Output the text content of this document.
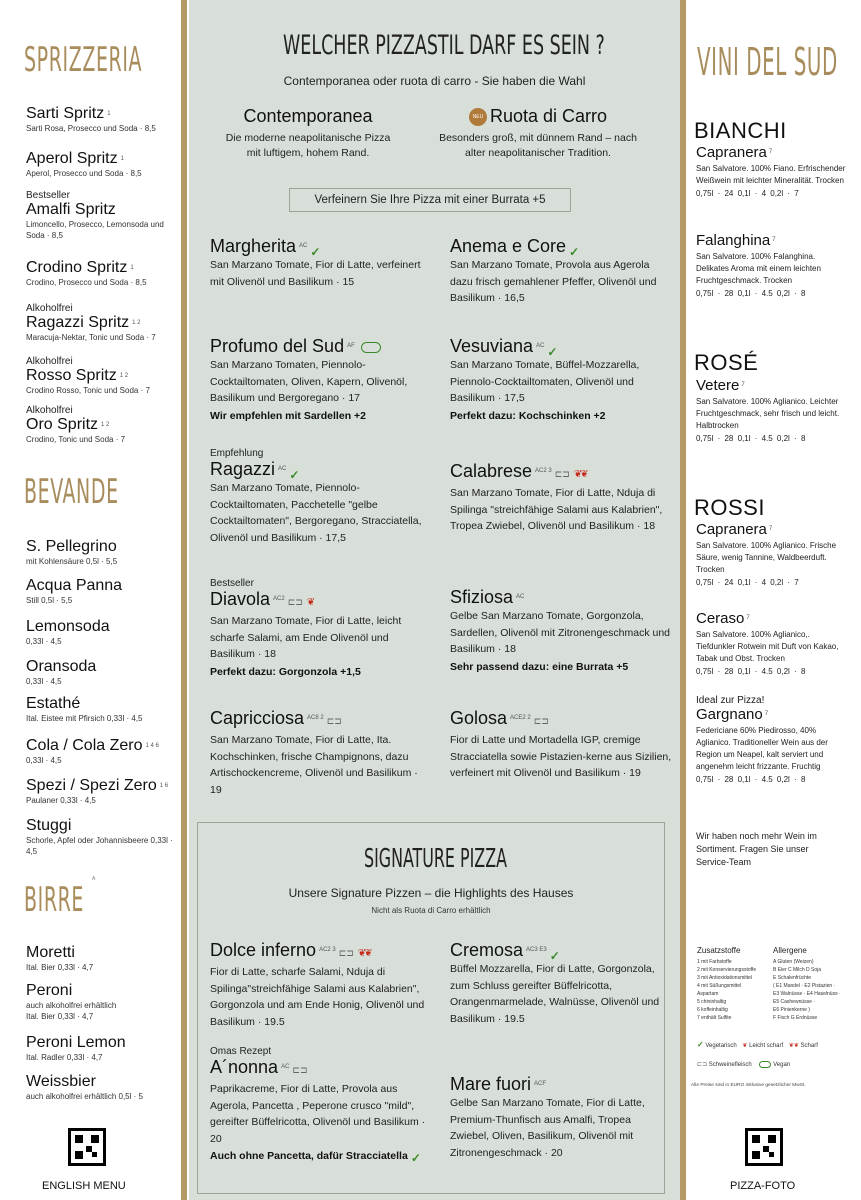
SPRIZZERIA
Sarti Spritz $^1$
Sarti Rosa, Prosecco und Soda · 8,5
Aperol Spritz $^1$
Aperol, Prosecco und Soda · 8,5
Bestseller
Amalfi Spritz
Limoncello, Prosecco, Lemonsoda und Soda · 8,5
Crodino Spritz $^1$
Crodino, Prosecco und Soda · 8,5
Alkoholfrei
Ragazzi Spritz $^{1 2}$
Maracuja-Nektar, Tonic und Soda · 7
Alkoholfrei
Rosso Spritz $^{1 2}$
Crodino Rosso, Tonic und Soda · 7
Alkoholfrei
Oro Spritz $^{1 2}$
Crodino, Tonic und Soda · 7
BEVANDE
S. Pellegrino
mit Kohlensäure 0,5l · 5,5
Acqua Panna
Still 0,5l · 5,5
Lemonsoda
0,33l · 4,5
Oransoda
0,33l · 4,5
Estathé
Ital. Eistee mit Pfirsich 0,33l · 4,5
Cola / Cola Zero $^{1 4 6}$
0,33l · 4,5
Spezi / Spezi Zero $^{1 6}$
Paulaner 0,33l · 4,5
Stuggi
Schorle, Apfel oder Johannisbeere 0,33l · 4,5
BIRRE
A
Moretti
Ital. Bier 0,33l · 4,7
Peroni
auch alkoholfrei erhältlich
Ital. Bier 0,33l · 4,7
Peroni Lemon
Ital. Radler 0,33l · 4,7
Weissbier
auch alkoholfrei erhältlich 0,5l · 5
ENGLISH MENU
WELCHER PIZZASTIL DARF ES SEIN ?
Contemporanea oder ruota di carro - Sie haben die Wahl
Contemporanea
Die moderne neapolitanische Pizza mit luftigem, hohem Rand.
NEU Ruota di Carro
Besonders groß, mit dünnem Rand – nach alter neapolitanischer Tradition.
Verfeinern Sie Ihre Pizza mit einer Burrata +5
Margherita $^{AC}$ ✓
San Marzano Tomate, Fior di Latte, verfeinert mit Olivenöl und Basilikum · 15
Anema e Core ✓
San Marzano Tomate, Provola aus Agerola dazu frisch gemahlener Pfeffer, Olivenöl und Basilikum · 16,5
Profumo del Sud $^{AF}$
San Marzano Tomaten, Piennolo-Cocktailtomaten, Oliven, Kapern, Olivenöl, Basilikum und Bergoregano · 17
Wir empfehlen mit Sardellen +2
Vesuviana $^{AC}$ ✓
San Marzano Tomate, Büffel-Mozzarella, Piennolo-Cocktailtomaten, Olivenöl und Basilikum · 17,5
Perfekt dazu: Kochschinken +2
Empfehlung
Ragazzi $^{AC}$ ✓
San Marzano Tomate, Piennolo-Cocktailtomaten, Pacchetelle "gelbe Cocktailtomaten", Bergoregano, Stracciatella, Olivenöl und Basilikum · 17,5
Calabrese $^{AC2 3}$ ⊏⊐ ❦❦
San Marzano Tomate, Fior di Latte, Nduja di Spilinga "streichfähige Salami aus Kalabrien", Tropea Zwiebel, Olivenöl und Basilikum · 18
Bestseller
Diavola $^{AC2}$ ⊏⊐ ❦
San Marzano Tomate, Fior di Latte, leicht scharfe Salami, am Ende Olivenöl und Basilikum · 18
Perfekt dazu: Gorgonzola +1,5
Sfiziosa $^{AC}$
Gelbe San Marzano Tomate, Gorgonzola, Sardellen, Olivenöl mit Zitronengeschmack und Basilikum · 18
Sehr passend dazu: eine Burrata +5
Capricciosa $^{AC8 2}$ ⊏⊐
San Marzano Tomate, Fior di Latte, Ita. Kochschinken, frische Champignons, dazu Artischockencreme, Olivenöl und Basilikum · 19
Golosa $^{ACE2 2}$ ⊏⊐
Fior di Latte und Mortadella IGP, cremige Stracciatella sowie Pistazien-kerne aus Sizilien, verfeinert mit Olivenöl und Basilikum · 19
SIGNATURE PIZZA
Unsere Signature Pizzen – die Highlights des Hauses
Nicht als Ruota di Carro erhältlich
Dolce inferno $^{AC2 3}$ ⊏⊐ ❦❦
Fior di Latte, scharfe Salami, Nduja di Spilinga"streichfähige Salami aus Kalabrien", Gorgonzola und am Ende Honig, Olivenöl und Basilikum · 19.5
Cremosa $^{AC3 E3}$ ✓
Büffel Mozzarella, Fior di Latte, Gorgonzola, zum Schluss gereifter Büffelricotta, Orangenmarmelade, Walnüsse, Olivenöl und Basilikum · 19.5
Omas Rezept
A´nonna $^{AC}$ ⊏⊐
Paprikacreme, Fior di Latte, Provola aus Agerola, Pancetta , Peperone crusco "mild", gereifter Büffelricotta, Olivenöl und Basilikum · 20
Auch ohne Pancetta, dafür Stracciatella ✓
Mare fuori $^{ACF}$
Gelbe San Marzano Tomate, Fior di Latte, Premium-Thunfisch aus Amalfi, Tropea Zwiebel, Oliven, Basilikum, Olivenöl mit Zitronengeschmack · 20
VINI DEL SUD
BIANCHI
ROSÉ
ROSSI
Capranera $^7$
San Salvatore. 100% Fiano. Erfrischender Weißwein mit leichter Mineralität. Trocken
0,75l · 24 0,1l · 4 0,2l · 7
Falanghina $^7$
San Salvatore. 100% Falanghina. Delikates Aroma mit einem leichten Fruchtgeschmack. Trocken
0,75l · 28 0,1l · 4.5 0,2l · 8
Vetere $^7$
San Salvatore. 100% Aglianico. Leichter Fruchtgeschmack, sehr frisch und leicht. Halbtrocken
0,75l · 28 0,1l · 4.5 0,2l · 8
Capranera $^7$
San Salvatore. 100% Aglianico. Frische Säure, wenig Tannine, Waldbeerduft. Trocken
0,75l · 24 0,1l · 4 0,2l · 7
Ceraso $^7$
San Salvatore. 100% Aglianico,. Tiefdunkler Rotwein mit Duft von Kakao, Tabak und Obst. Trocken
0,75l · 28 0,1l · 4.5 0,2l · 8
Ideal zur Pizza!
Gargnano $^7$
Federiciane 60% Piedirosso, 40% Aglianico. Traditioneller Wein aus der Region um Neapel, kalt serviert und angenehm leicht frizzante. Fruchtig
0,75l · 28 0,1l · 4.5 0,2l · 8
Wir haben noch mehr Wein im Sortiment. Fragen Sie unser Service-Team
Zusatzstoffe
1 mit Farbstoffe
2 mit Konservierungsstoffe
3 mit Antioxidationsmittel
4 mit Süßungsmittel
Aspartam
5 chininhaltig
6 koffeinhaltig
7 enthält Sulfite
Allergene
A Gluten (Weizen)
B Eier C Milch D Soja
E Schalenfrüchte
( E1 Mandel · E2 Pistazien ·
E3 Walnüsse · E4 Haselnüss ·
E5 Cashewnüsse ·
E6 Pinienkerne )
F Fisch G Erdnüsse
✓ Vegetarisch ❦ Leicht scharf ❦❦ Scharf
⊏⊐ Schweinefleisch	Vegan
Alle Preise sind in EURO inklusive gesetzlicher MwSt.
PIZZA-FOTO
